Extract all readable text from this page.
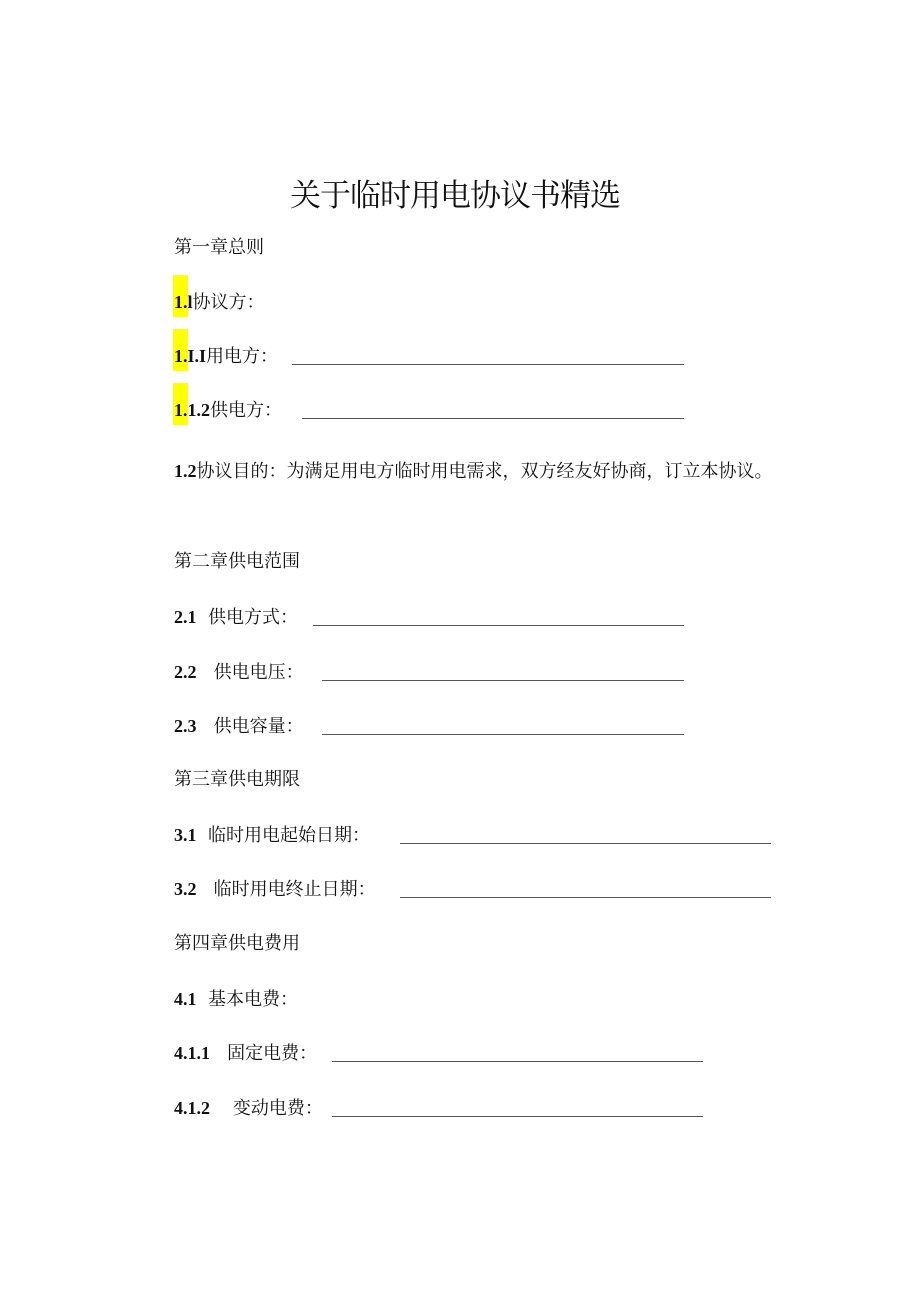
关于临时用电协议书精选
第一章总则
1.l协议方：
1.I.I用电方：
1.1.2供电方：
1.2协议目的：为满足用电方临时用电需求，双方经友好协商，订立本协议。
第二章供电范围
2.1 供电方式：
2.2 供电电压：
2.3 供电容量：
第三章供电期限
3.1 临时用电起始日期：
3.2 临时用电终止日期：
第四章供电费用
4.1 基本电费：
4.1.1 固定电费：
4.1.2 变动电费：
